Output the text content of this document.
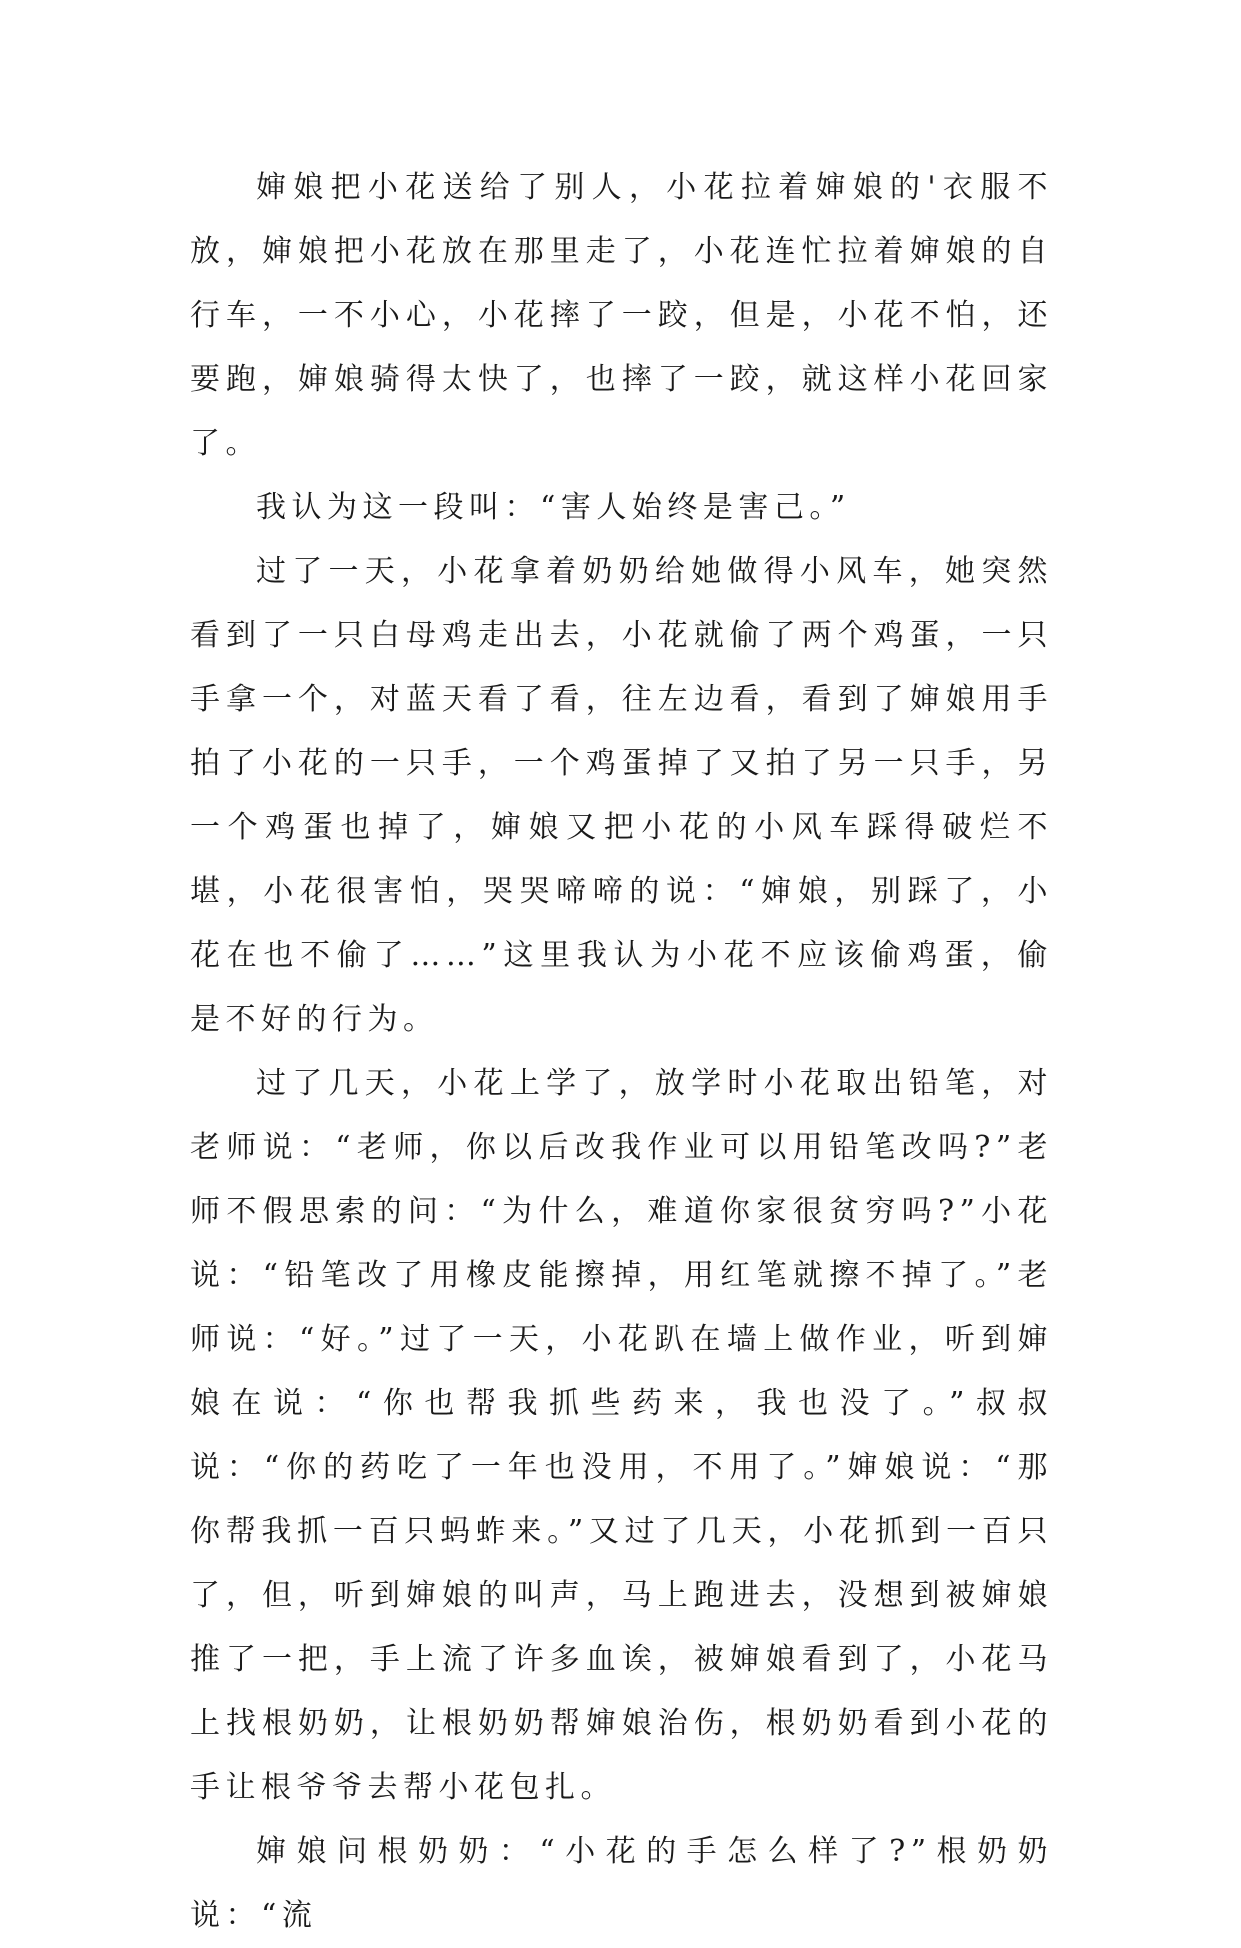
婶娘把小花送给了别人，小花拉着婶娘的'衣服不放，婶娘把小花放在那里走了，小花连忙拉着婶娘的自行车，一不小心，小花摔了一跤，但是，小花不怕，还要跑，婶娘骑得太快了，也摔了一跤，就这样小花回家了。

我认为这一段叫：“害人始终是害己。”

过了一天，小花拿着奶奶给她做得小风车，她突然看到了一只白母鸡走出去，小花就偷了两个鸡蛋，一只手拿一个，对蓝天看了看，往左边看，看到了婶娘用手拍了小花的一只手，一个鸡蛋掉了又拍了另一只手，另一个鸡蛋也掉了，婶娘又把小花的小风车踩得破烂不堪，小花很害怕，哭哭啼啼的说：“婶娘，别踩了，小花在也不偷了……”这里我认为小花不应该偷鸡蛋，偷是不好的行为。

过了几天，小花上学了，放学时小花取出铅笔，对老师说：“老师，你以后改我作业可以用铅笔改吗?”老师不假思索的问：“为什么，难道你家很贫穷吗?”小花说：“铅笔改了用橡皮能擦掉，用红笔就擦不掉了。”老师说：“好。”过了一天，小花趴在墙上做作业，听到婶娘在说：“你也帮我抓些药来，我也没了。”叔叔说：“你的药吃了一年也没用，不用了。”婶娘说：“那你帮我抓一百只蚂蚱来。”又过了几天，小花抓到一百只了，但，听到婶娘的叫声，马上跑进去，没想到被婶娘推了一把，手上流了许多血诶，被婶娘看到了，小花马上找根奶奶，让根奶奶帮婶娘治伤，根奶奶看到小花的手让根爷爷去帮小花包扎。

婶娘问根奶奶：“小花的手怎么样了?”根奶奶说：“流
